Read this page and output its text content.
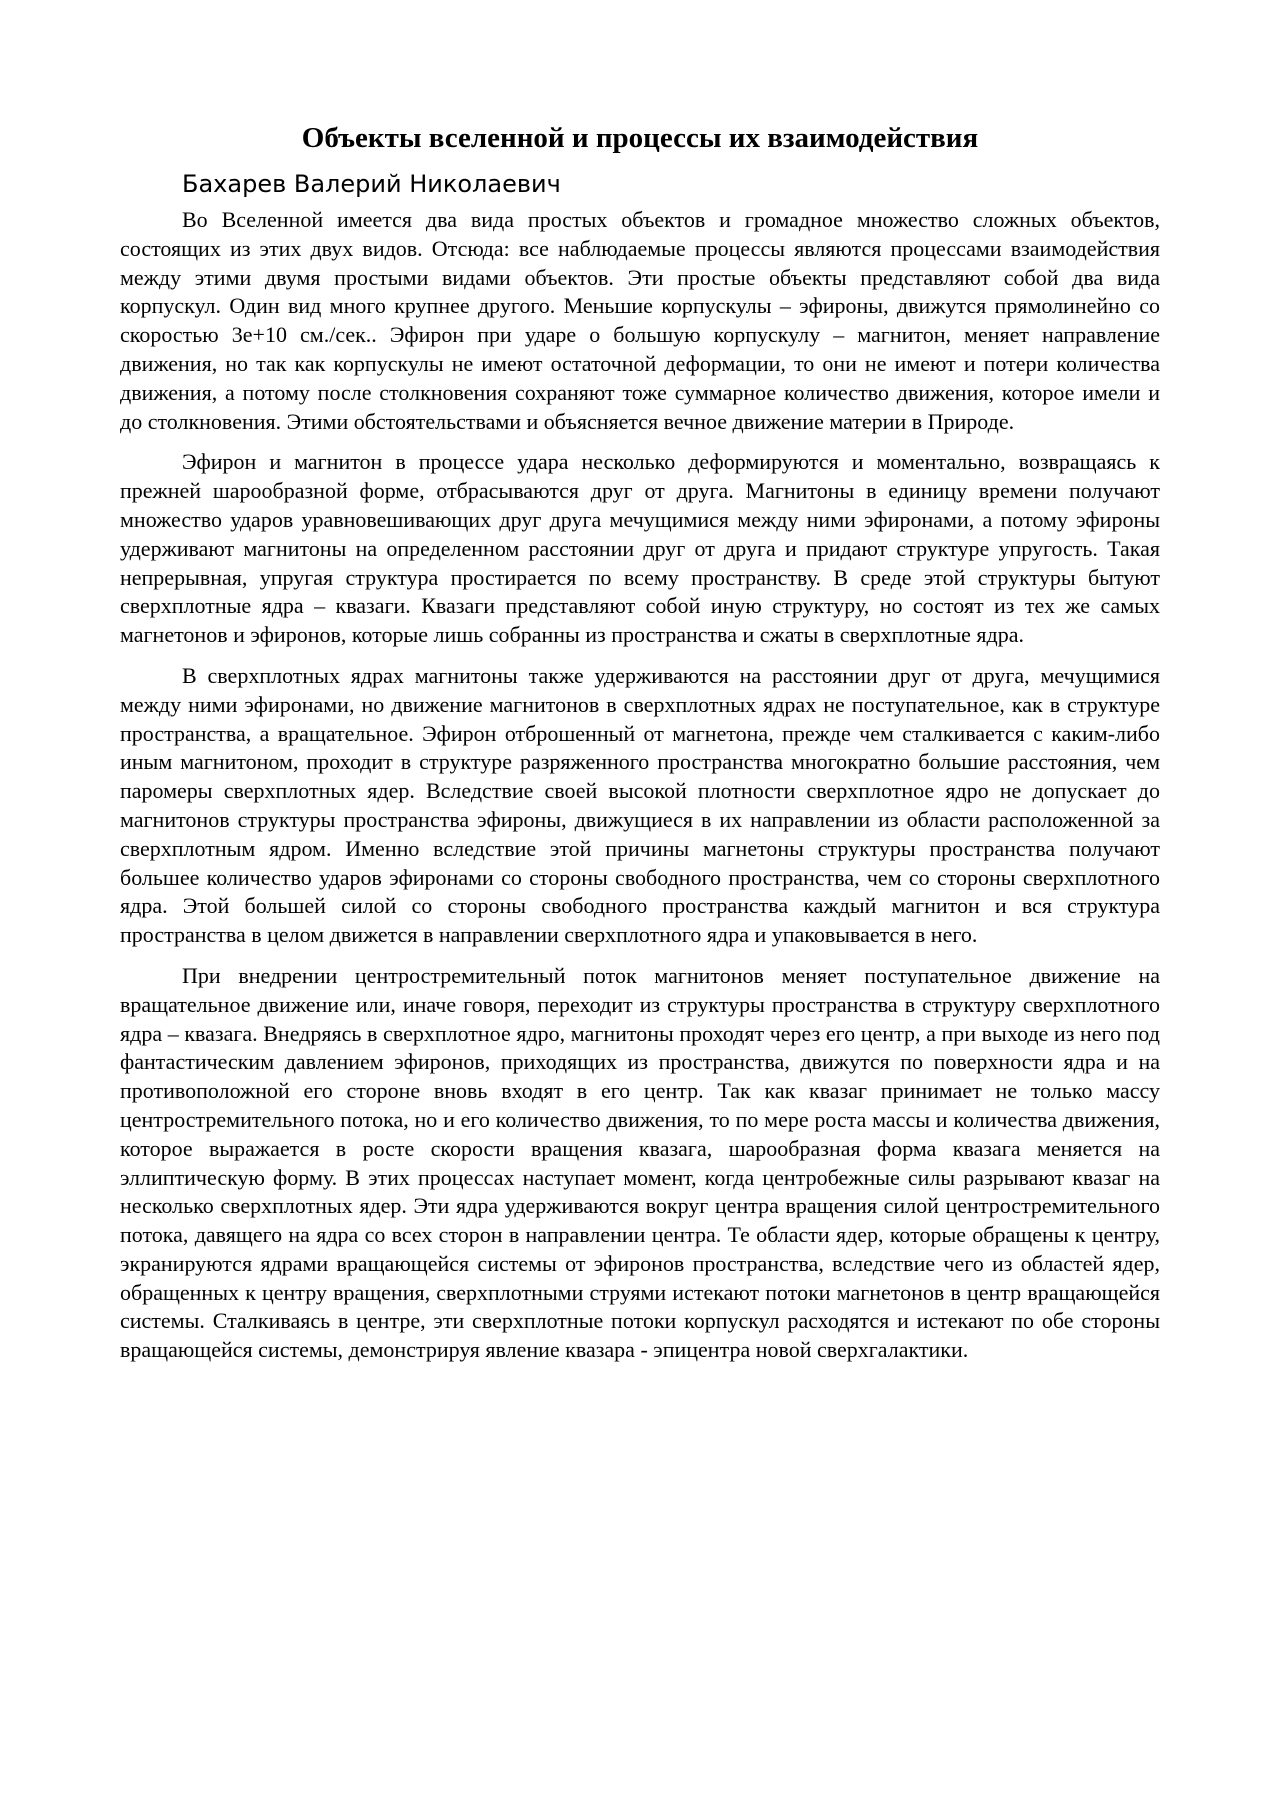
Объекты вселенной и процессы их взаимодействия
Бахарев Валерий Николаевич

Во Вселенной имеется два вида простых объектов и громадное множество сложных объектов, состоящих из этих двух видов. Отсюда: все наблюдаемые процессы являются процессами взаимодействия между этими двумя простыми видами объектов. Эти простые объекты представляют собой два вида корпускул. Один вид много крупнее другого. Меньшие корпускулы – эфироны, движутся прямолинейно со скоростью 3е+10 см./сек.. Эфирон при ударе о большую корпускулу – магнитон, меняет направление движения, но так как корпускулы не имеют остаточной деформации, то они не имеют и потери количества движения, а потому после столкновения сохраняют тоже суммарное количество движения, которое имели и до столкновения. Этими обстоятельствами и объясняется вечное движение материи в Природе.

Эфирон и магнитон в процессе удара несколько деформируются и моментально, возвращаясь к прежней шарообразной форме, отбрасываются друг от друга. Магнитоны в единицу времени получают множество ударов уравновешивающих друг друга мечущимися между ними эфиронами, а потому эфироны удерживают магнитоны на определенном расстоянии друг от друга и придают структуре упругость. Такая непрерывная, упругая структура простирается по всему пространству. В среде этой структуры бытуют сверхплотные ядра – квазаги. Квазаги представляют собой иную структуру, но состоят из тех же самых магнетонов и эфиронов, которые лишь собранны из пространства и сжаты в сверхплотные ядра.

В сверхплотных ядрах магнитоны также удерживаются на расстоянии друг от друга, мечущимися между ними эфиронами, но движение магнитонов в сверхплотных ядрах не поступательное, как в структуре пространства, а вращательное. Эфирон отброшенный от магнетона, прежде чем сталкивается с каким-либо иным магнитоном, проходит в структуре разряженного пространства многократно большие расстояния, чем паромеры сверхплотных ядер. Вследствие своей высокой плотности сверхплотное ядро не допускает до магнитонов структуры пространства эфироны, движущиеся в их направлении из области расположенной за сверхплотным ядром. Именно вследствие этой причины магнетоны структуры пространства получают большее количество ударов эфиронами со стороны свободного пространства, чем со стороны сверхплотного ядра. Этой большей силой со стороны свободного пространства каждый магнитон и вся структура пространства в целом движется в направлении сверхплотного ядра и упаковывается в него.

При внедрении центростремительный поток магнитонов меняет поступательное движение на вращательное движение или, иначе говоря, переходит из структуры пространства в структуру сверхплотного ядра – квазага. Внедряясь в сверхплотное ядро, магнитоны проходят через его центр, а при выходе из него под фантастическим давлением эфиронов, приходящих из пространства, движутся по поверхности ядра и на противоположной его стороне вновь входят в его центр. Так как квазаг принимает не только массу центростремительного потока, но и его количество движения, то по мере роста массы и количества движения, которое выражается в росте скорости вращения квазага, шарообразная форма квазага меняется на эллиптическую форму. В этих процессах наступает момент, когда центробежные силы разрывают квазаг на несколько сверхплотных ядер. Эти ядра удерживаются вокруг центра вращения силой центростремительного потока, давящего на ядра со всех сторон в направлении центра. Те области ядер, которые обращены к центру, экранируются ядрами вращающейся системы от эфиронов пространства, вследствие чего из областей ядер, обращенных к центру вращения, сверхплотными струями истекают потоки магнетонов в центр вращающейся системы. Сталкиваясь в центре, эти сверхплотные потоки корпускул расходятся и истекают по обе стороны вращающейся системы, демонстрируя явление квазара - эпицентра новой сверхгалактики.
